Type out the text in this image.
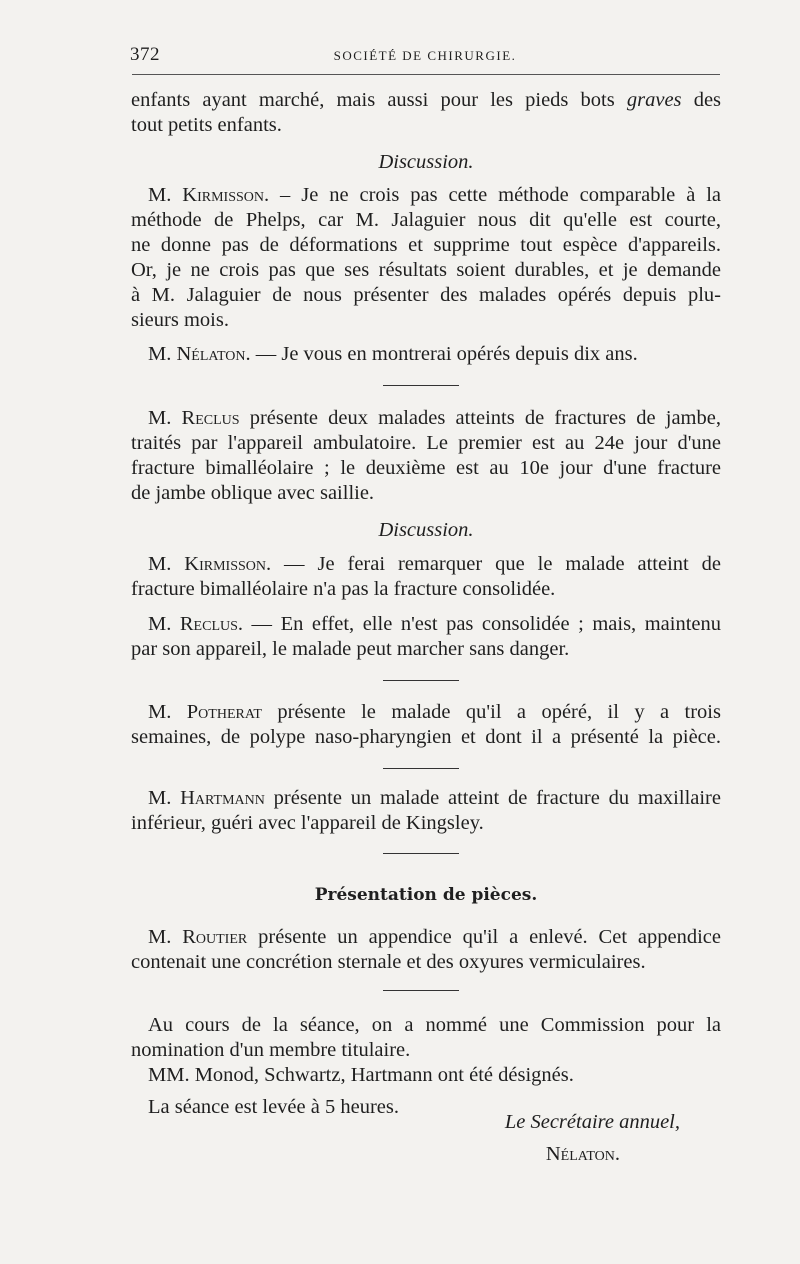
372	SOCIÉTÉ DE CHIRURGIE.
enfants ayant marché, mais aussi pour les pieds bots graves des
tout petits enfants.
Discussion.
M. Kirmisson. – Je ne crois pas cette méthode comparable à la
méthode de Phelps, car M. Jalaguier nous dit qu'elle est courte,
ne donne pas de déformations et supprime tout espèce d'appareils.
Or, je ne crois pas que ses résultats soient durables, et je demande
à M. Jalaguier de nous présenter des malades opérés depuis plu-
sieurs mois.
M. Nélaton. — Je vous en montrerai opérés depuis dix ans.
M. Reclus présente deux malades atteints de fractures de jambe,
traités par l'appareil ambulatoire. Le premier est au 24e jour d'une
fracture bimalléolaire ; le deuxième est au 10e jour d'une fracture
de jambe oblique avec saillie.
Discussion.
M. Kirmisson. — Je ferai remarquer que le malade atteint de
fracture bimalléolaire n'a pas la fracture consolidée.
M. Reclus. — En effet, elle n'est pas consolidée ; mais, maintenu
par son appareil, le malade peut marcher sans danger.
M. Potherat présente le malade qu'il a opéré, il y a trois
semaines, de polype naso-pharyngien et dont il a présenté la pièce.
M. Hartmann présente un malade atteint de fracture du maxillaire
inférieur, guéri avec l'appareil de Kingsley.
Présentation de pièces.
M. Routier présente un appendice qu'il a enlevé. Cet appendice
contenait une concrétion sternale et des oxyures vermiculaires.
Au cours de la séance, on a nommé une Commission pour la
nomination d'un membre titulaire.
MM. Monod, Schwartz, Hartmann ont été désignés.
La séance est levée à 5 heures.
Le Secrétaire annuel,
Nélaton.
